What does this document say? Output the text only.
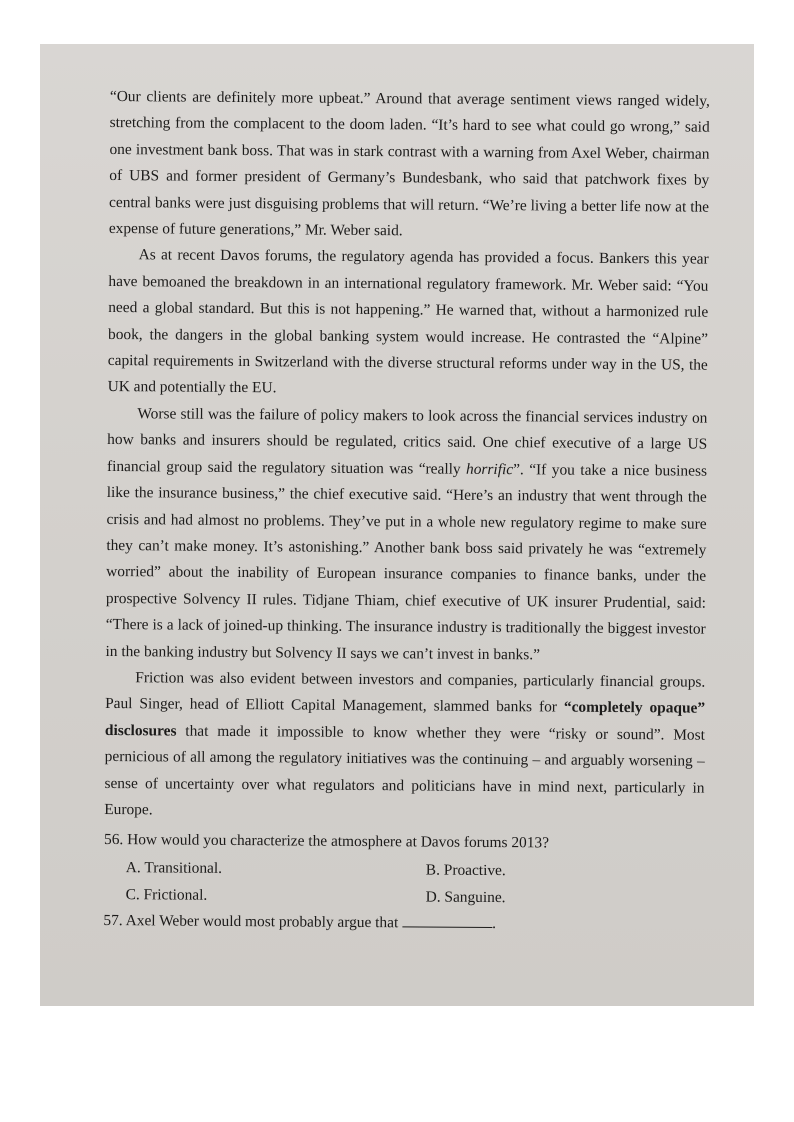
“Our clients are definitely more upbeat.” Around that average sentiment views ranged widely, stretching from the complacent to the doom laden. “It’s hard to see what could go wrong,” said one investment bank boss. That was in stark contrast with a warning from Axel Weber, chairman of UBS and former president of Germany’s Bundesbank, who said that patchwork fixes by central banks were just disguising problems that will return. “We’re living a better life now at the expense of future generations,” Mr. Weber said.

As at recent Davos forums, the regulatory agenda has provided a focus. Bankers this year have bemoaned the breakdown in an international regulatory framework. Mr. Weber said: “You need a global standard. But this is not happening.” He warned that, without a harmonized rule book, the dangers in the global banking system would increase. He contrasted the “Alpine” capital requirements in Switzerland with the diverse structural reforms under way in the US, the UK and potentially the EU.

Worse still was the failure of policy makers to look across the financial services industry on how banks and insurers should be regulated, critics said. One chief executive of a large US financial group said the regulatory situation was “really horrific”. “If you take a nice business like the insurance business,” the chief executive said. “Here’s an industry that went through the crisis and had almost no problems. They’ve put in a whole new regulatory regime to make sure they can’t make money. It’s astonishing.” Another bank boss said privately he was “extremely worried” about the inability of European insurance companies to finance banks, under the prospective Solvency II rules. Tidjane Thiam, chief executive of UK insurer Prudential, said: “There is a lack of joined-up thinking. The insurance industry is traditionally the biggest investor in the banking industry but Solvency II says we can’t invest in banks.”

Friction was also evident between investors and companies, particularly financial groups. Paul Singer, head of Elliott Capital Management, slammed banks for “completely opaque” disclosures that made it impossible to know whether they were “risky or sound”. Most pernicious of all among the regulatory initiatives was the continuing – and arguably worsening – sense of uncertainty over what regulators and politicians have in mind next, particularly in Europe.

56. How would you characterize the atmosphere at Davos forums 2013?

A. Transitional.	B. Proactive.
C. Frictional.	D. Sanguine.

57. Axel Weber would most probably argue that	.
